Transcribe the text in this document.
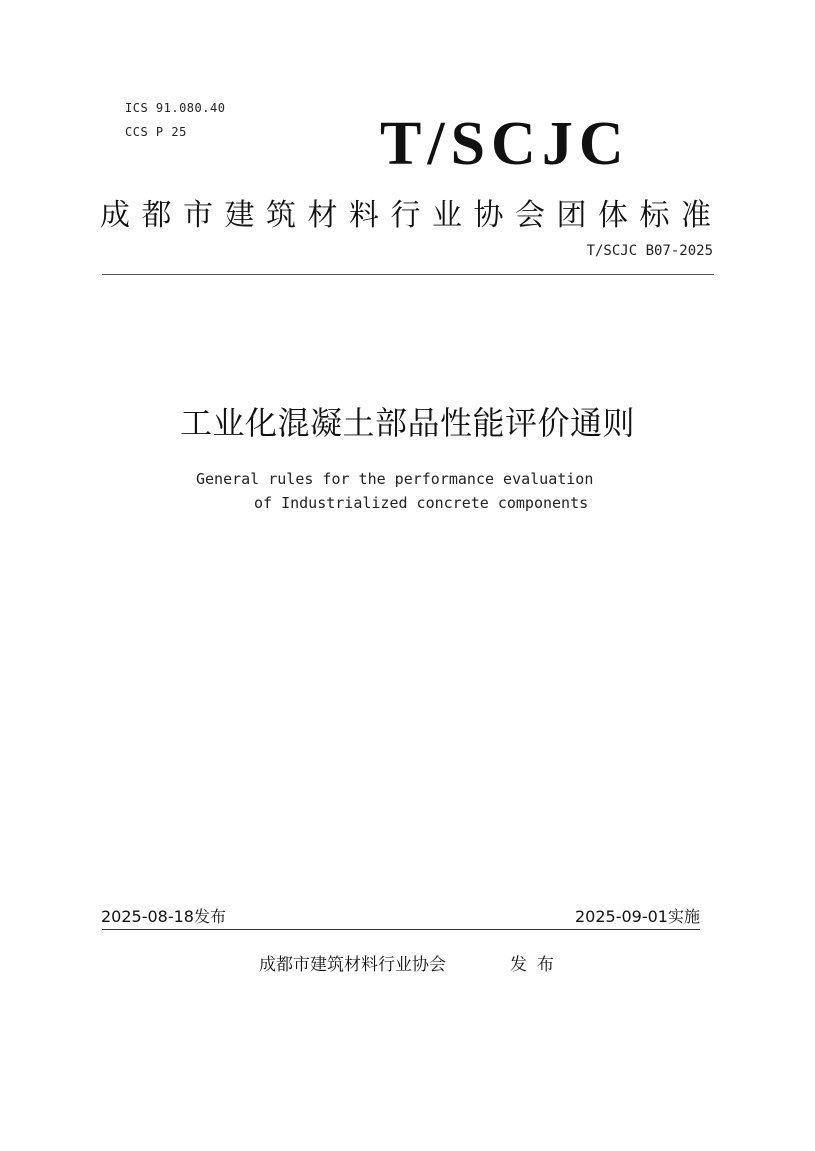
ICS 91.080.40
CCS P 25	T/SCJC
成都市建筑材料行业协会团体标准
T/SCJC B07-2025
工业化混凝土部品性能评价通则
General rules for the performance evaluation
of Industrialized concrete components
2025-08-18发布	2025-09-01实施
成都市建筑材料行业协会	发布
